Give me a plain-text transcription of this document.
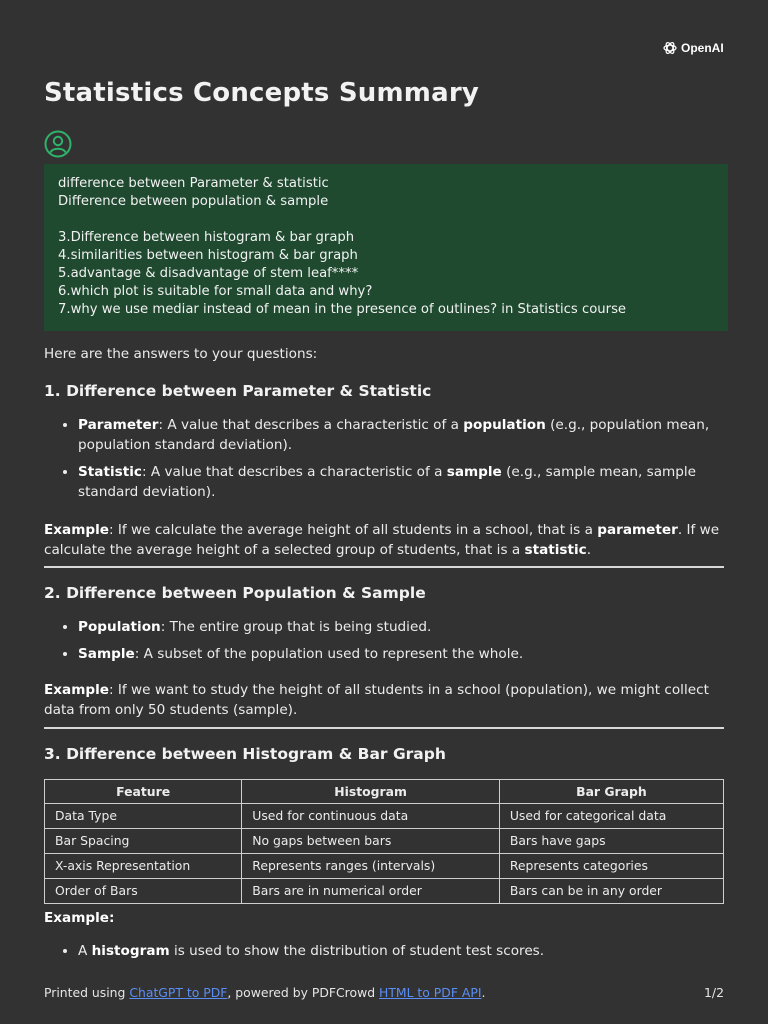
OpenAI
Statistics Concepts Summary
difference between Parameter & statistic
Difference between population & sample
3.Difference between histogram & bar graph
4.similarities between histogram & bar graph
5.advantage & disadvantage of stem leaf****
6.which plot is suitable for small data and why?
7.why we use mediar instead of mean in the presence of outlines? in Statistics course

Here are the answers to your questions:

1. Difference between Parameter & Statistic
• Parameter: A value that describes a characteristic of a population (e.g., population mean, population standard deviation).
• Statistic: A value that describes a characteristic of a sample (e.g., sample mean, sample standard deviation).

Example: If we calculate the average height of all students in a school, that is a parameter. If we calculate the average height of a selected group of students, that is a statistic.

2. Difference between Population & Sample
• Population: The entire group that is being studied.
• Sample: A subset of the population used to represent the whole.

Example: If we want to study the height of all students in a school (population), we might collect data from only 50 students (sample).

3. Difference between Histogram & Bar Graph
Feature	Histogram	Bar Graph
Data Type	Used for continuous data	Used for categorical data
Bar Spacing	No gaps between bars	Bars have gaps
X-axis Representation	Represents ranges (intervals)	Represents categories
Order of Bars	Bars are in numerical order	Bars can be in any order

Example:

• A histogram is used to show the distribution of student test scores.
Printed using ChatGPT to PDF, powered by PDFCrowd HTML to PDF API.	1/2
